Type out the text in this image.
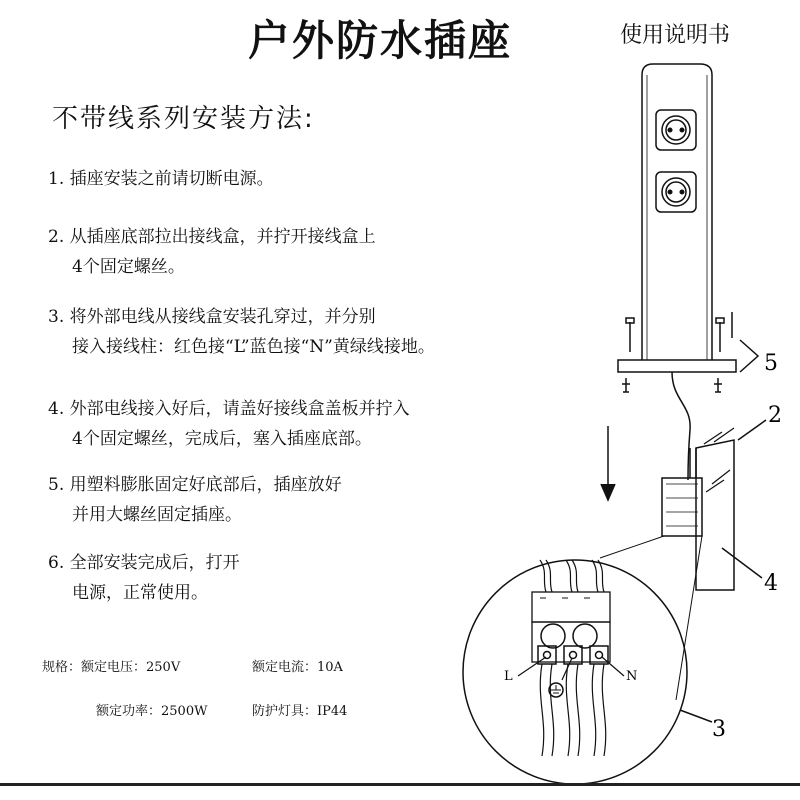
户外防水插座	使用说明书
不带线系列安装方法:
1. 插座安装之前请切断电源。
2. 从插座底部拉出接线盒，并拧开接线盒上
4个固定螺丝。
3. 将外部电线从接线盒安装孔穿过，并分别
接入接线柱：红色接“L”蓝色接“N”黄绿线接地。
4. 外部电线接入好后，请盖好接线盒盖板并拧入
4个固定螺丝，完成后，塞入插座底部。
5. 用塑料膨胀固定好底部后，插座放好
并用大螺丝固定插座。
6. 全部安装完成后，打开
电源，正常使用。
规格：额定电压：250V	额定电流：10A
额定功率：2500W	防护灯具：IP44
5
2
4
3
L	N
